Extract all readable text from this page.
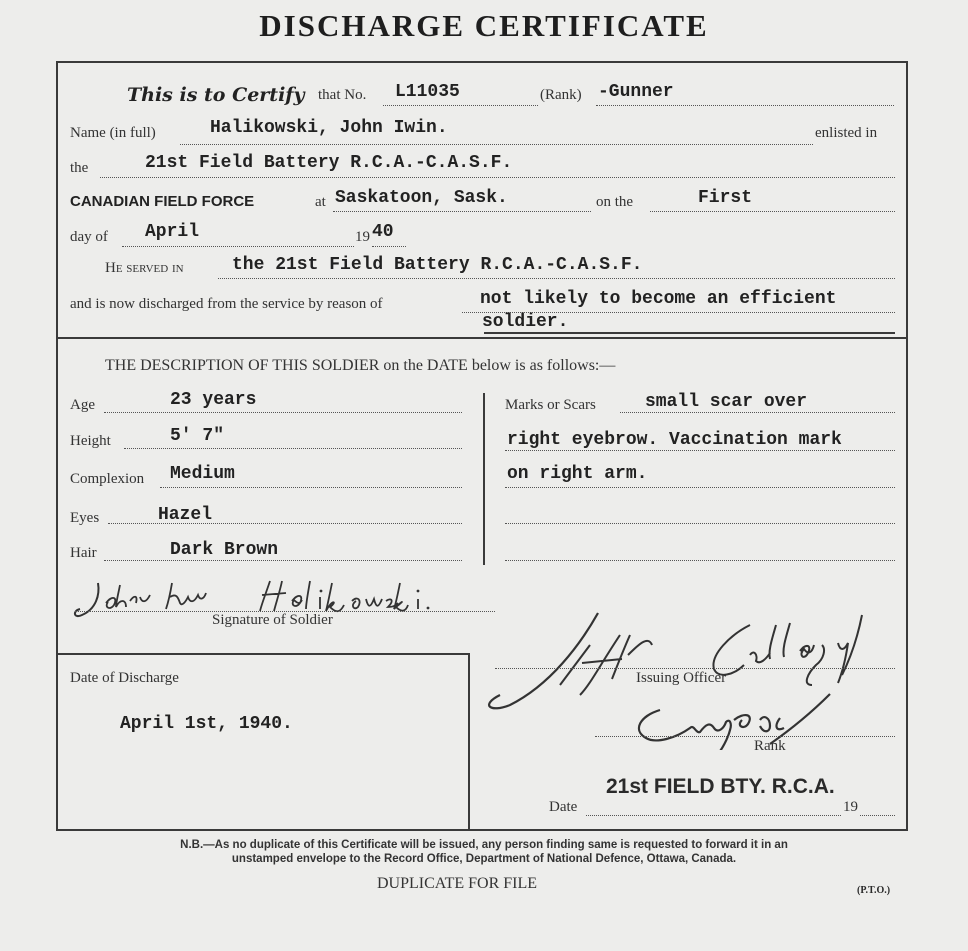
DISCHARGE CERTIFICATE
This is to Certify that No. L11035	(Rank) -Gunner
Name (in full)	Halikowski, John Iwin.	enlisted in
the	21st Field Battery R.C.A.-C.A.S.F.
CANADIAN FIELD FORCE	at Saskatoon, Sask.	on the	First
day of April	19 40
He served in	the 21st Field Battery R.C.A.-C.A.S.F.
and is now discharged from the service by reason of	not likely to become an efficient
soldier.
THE DESCRIPTION OF THIS SOLDIER on the DATE below is as follows:—
Age	23 years
Height	5' 7"
Complexion Medium
Eyes	Hazel
Hair	Dark Brown
Marks or Scars	small scar over
right eyebrow. Vaccination mark
on right arm.
Signature of Soldier
Date of Discharge
April 1st, 1940.
Issuing Officer
Rank
21st FIELD BTY. R.C.A.
Date	19
N.B.—As no duplicate of this Certificate will be issued, any person finding same is requested to forward it in an
unstamped envelope to the Record Office, Department of National Defence, Ottawa, Canada.
DUPLICATE FOR FILE	(P.T.O.)
